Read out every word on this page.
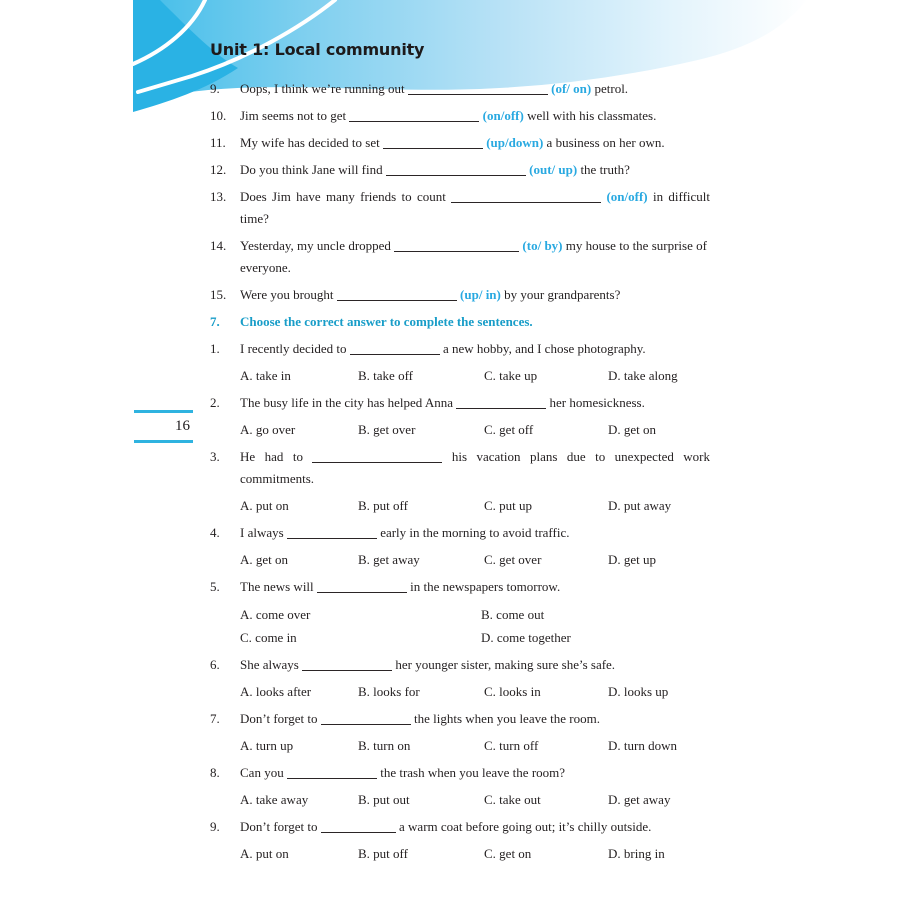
16
Unit 1: Local community
9.	Oops, I think we’re running out	(of/ on) petrol.
10.	Jim seems not to get	(on/off) well with his classmates.
11.	My wife has decided to set	(up/down) a business on her own.
12.	Do you think Jane will find	(out/ up) the truth?
13.	Does Jim have many friends to count	(on/off) in difficult time?
14.	Yesterday, my uncle dropped	(to/ by) my house to the surprise of everyone.
15.	Were you brought	(up/ in) by your grandparents?
7.	Choose the correct answer to complete the sentences.
1.	I recently decided to	a new hobby, and I chose photography.
A. take in	B. take off	C. take up	D. take along
2.	The busy life in the city has helped Anna	her homesickness.
A. go over	B. get over	C. get off	D. get on
3.	He had to	his vacation plans due to unexpected work commitments.
A. put on	B. put off	C. put up	D. put away
4.	I always	early in the morning to avoid traffic.
A. get on	B. get away	C. get over	D. get up
5.	The news will	in the newspapers tomorrow.
A. come over	B. come out
C. come in	D. come together
6.	She always	her younger sister, making sure she’s safe.
A. looks after	B. looks for	C. looks in	D. looks up
7.	Don’t forget to	the lights when you leave the room.
A. turn up	B. turn on	C. turn off	D. turn down
8.	Can you	the trash when you leave the room?
A. take away	B. put out	C. take out	D. get away
9.	Don’t forget to	a warm coat before going out; it’s chilly outside.
A. put on	B. put off	C. get on	D. bring in
